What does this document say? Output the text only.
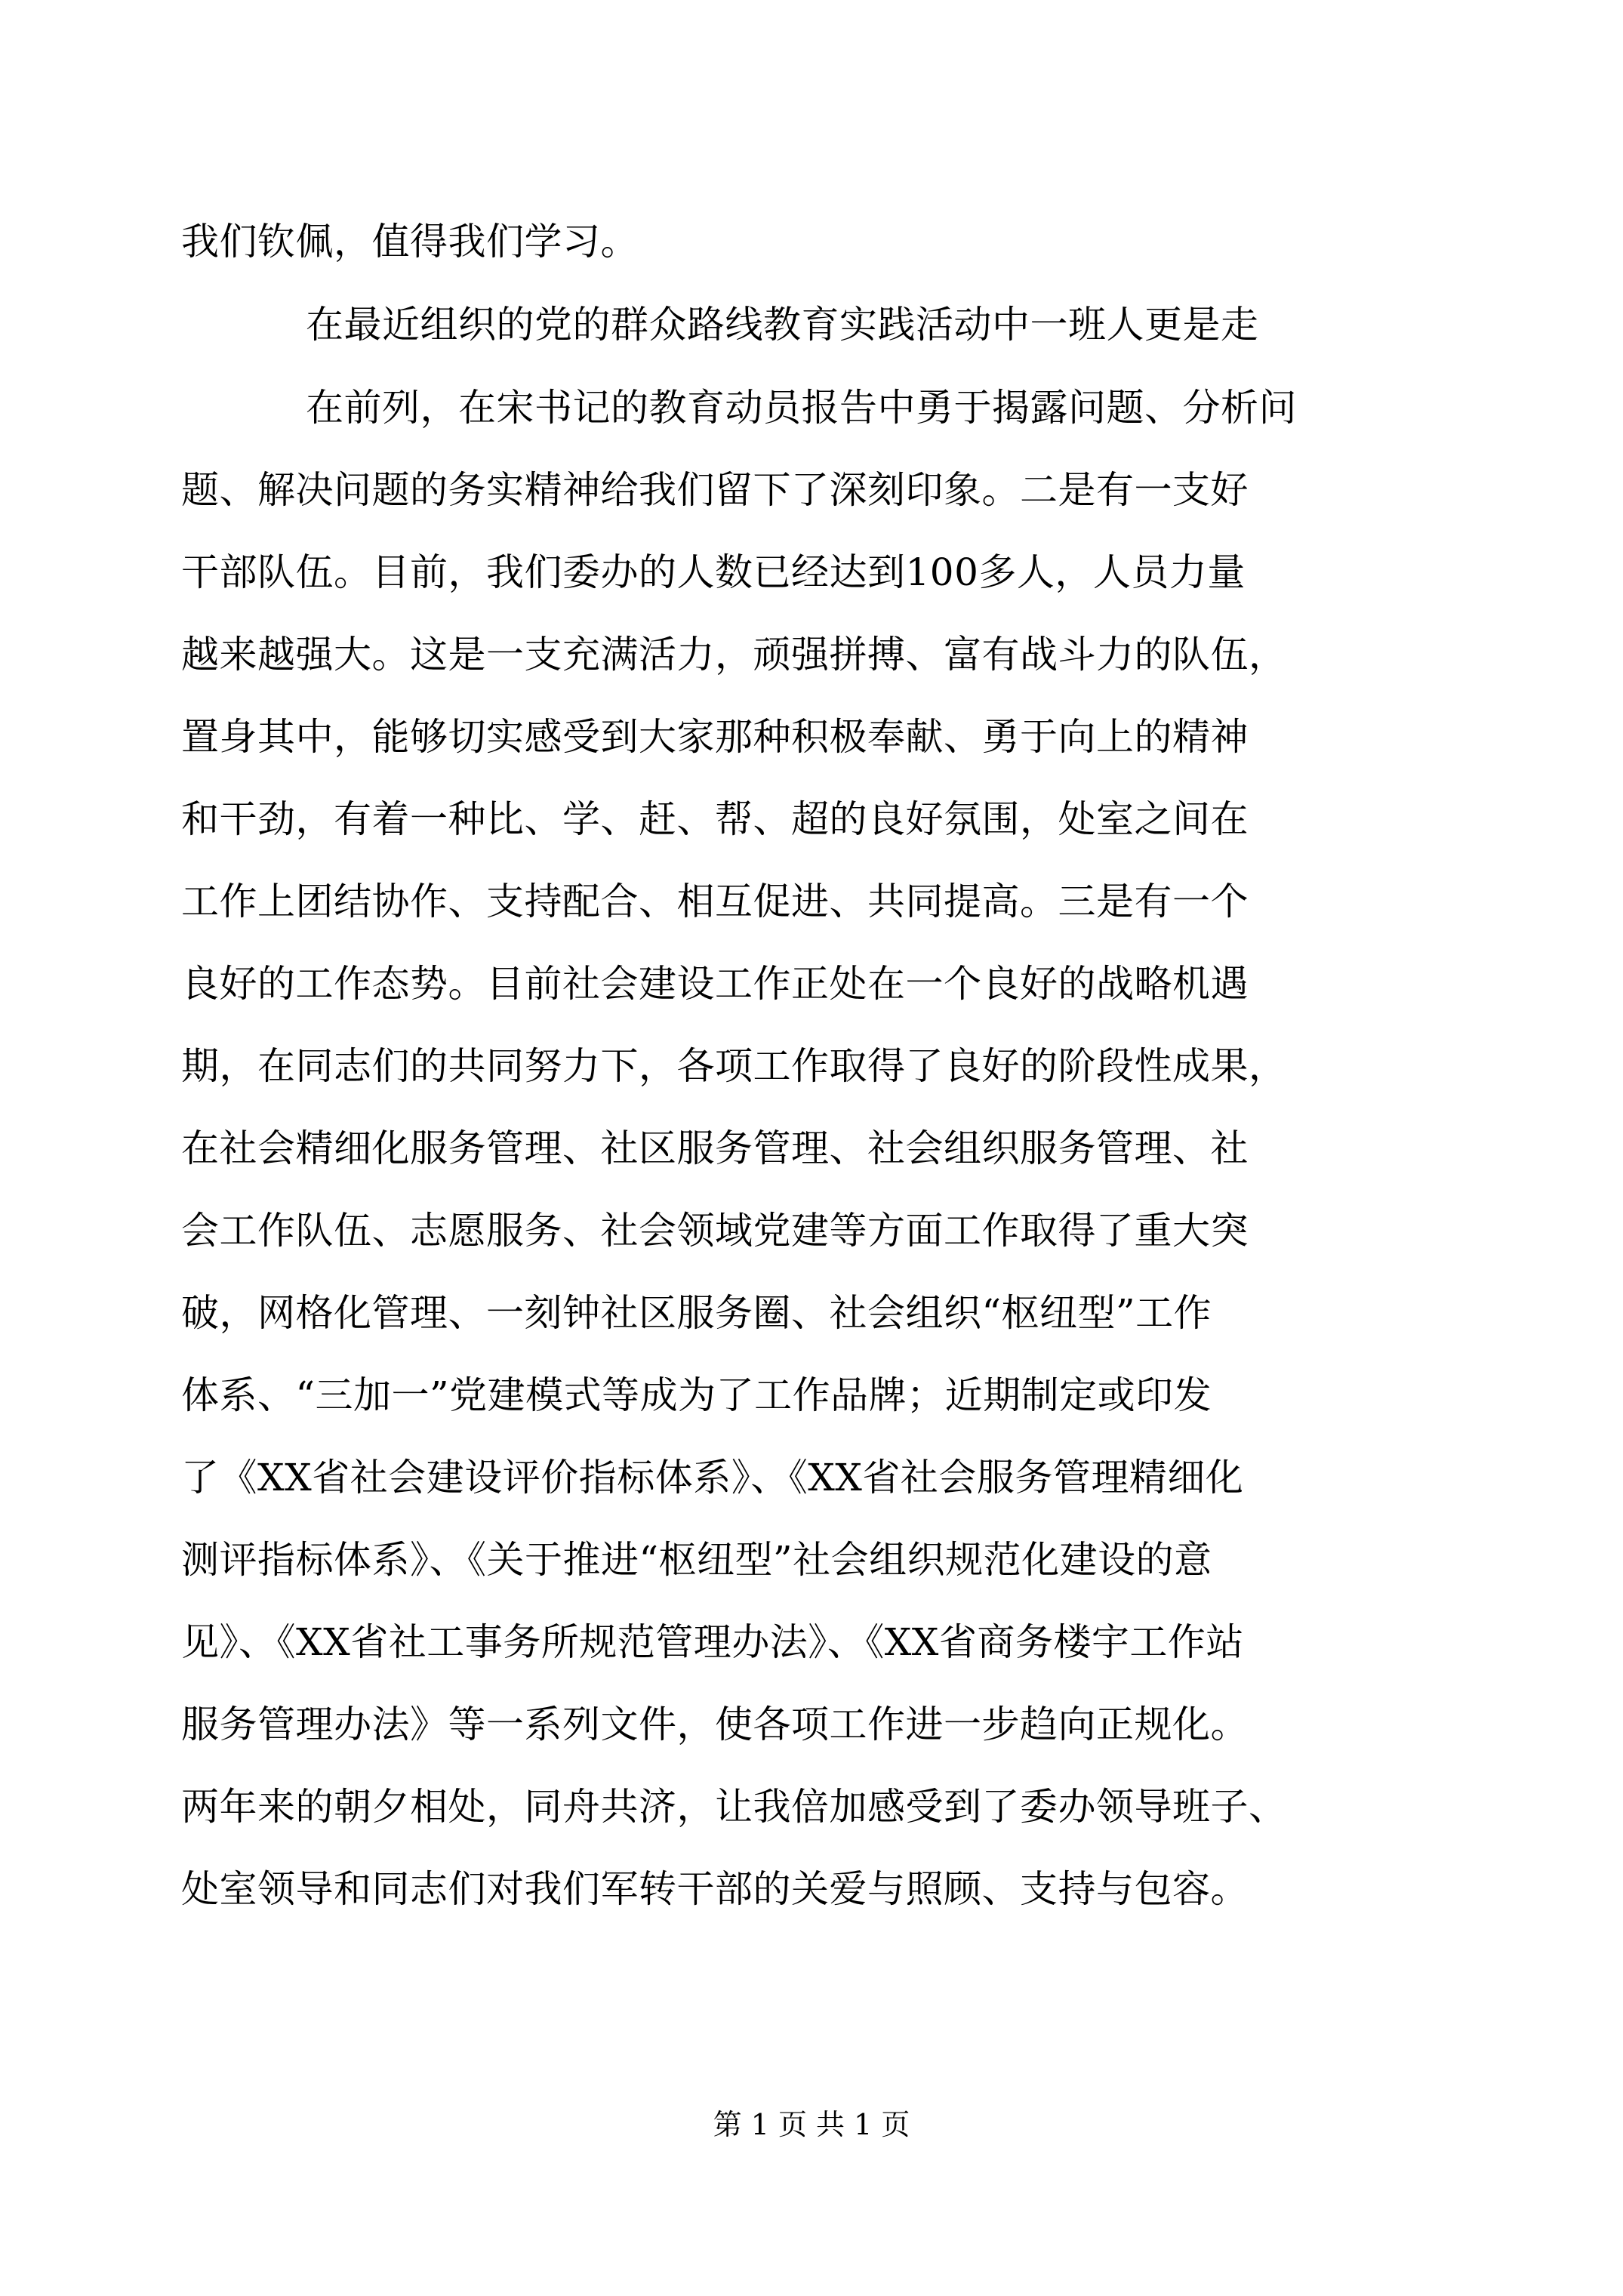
我们钦佩，值得我们学习。
在最近组织的党的群众路线教育实践活动中一班人更是走
在前列，在宋书记的教育动员报告中勇于揭露问题、分析问
题、解决问题的务实精神给我们留下了深刻印象。二是有一支好
干部队伍。目前，我们委办的人数已经达到100多人，人员力量
越来越强大。这是一支充满活力，顽强拼搏、富有战斗力的队伍，
置身其中，能够切实感受到大家那种积极奉献、勇于向上的精神
和干劲，有着一种比、学、赶、帮、超的良好氛围，处室之间在
工作上团结协作、支持配合、相互促进、共同提高。三是有一个
良好的工作态势。目前社会建设工作正处在一个良好的战略机遇
期，在同志们的共同努力下，各项工作取得了良好的阶段性成果，
在社会精细化服务管理、社区服务管理、社会组织服务管理、社
会工作队伍、志愿服务、社会领域党建等方面工作取得了重大突
破，网格化管理、一刻钟社区服务圈、社会组织“枢纽型”工作
体系、“三加一”党建模式等成为了工作品牌；近期制定或印发
了《XX省社会建设评价指标体系》、《XX省社会服务管理精细化
测评指标体系》、《关于推进“枢纽型”社会组织规范化建设的意
见》、《XX省社工事务所规范管理办法》、《XX省商务楼宇工作站
服务管理办法》等一系列文件，使各项工作进一步趋向正规化。
两年来的朝夕相处，同舟共济，让我倍加感受到了委办领导班子、
处室领导和同志们对我们军转干部的关爱与照顾、支持与包容。
第 1 页 共 1 页
